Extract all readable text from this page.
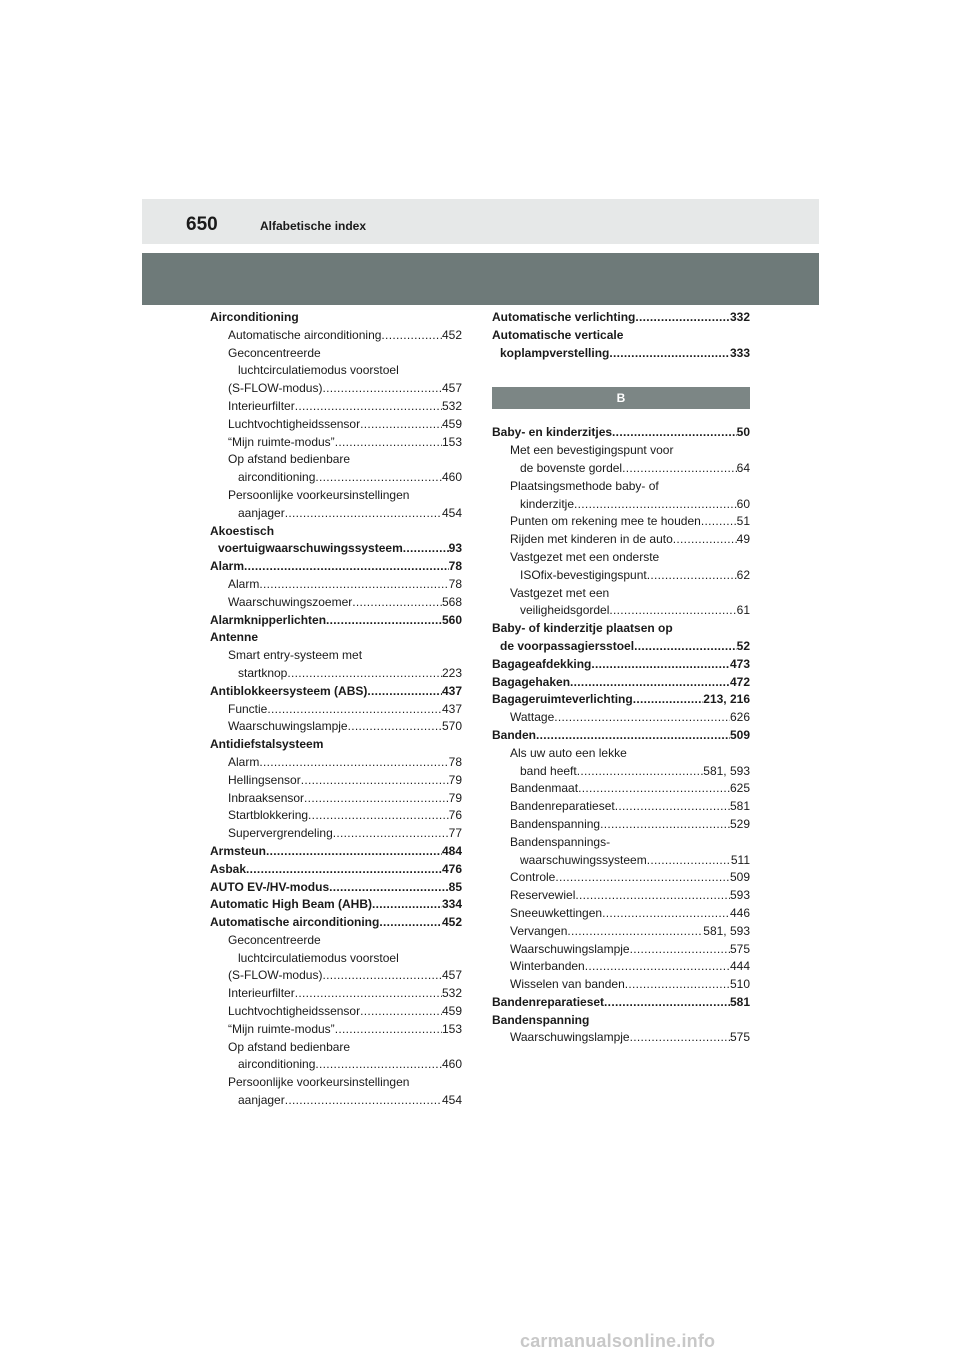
650	Alfabetische index
Airconditioning
Automatische airconditioning .....	452
Geconcentreerde
luchtcirculatiemodus voorstoel
(S-FLOW-modus) .....	457
Interieurfilter .....	532
Luchtvochtigheidssensor .....	459
“Mijn ruimte-modus” .....	153
Op afstand bedienbare
airconditioning .....	460
Persoonlijke voorkeursinstellingen
aanjager .....	454
Akoestisch
voertuigwaarschuwingssysteem .....	93
Alarm .....	78
Alarm .....	78
Waarschuwingszoemer .....	568
Alarmknipperlichten .....	560
Antenne
Smart entry-systeem met
startknop .....	223
Antiblokkeersysteem (ABS) .....	437
Functie .....	437
Waarschuwingslampje .....	570
Antidiefstalsysteem
Alarm .....	78
Hellingsensor .....	79
Inbraaksensor .....	79
Startblokkering .....	76
Supervergrendeling .....	77
Armsteun .....	484
Asbak .....	476
AUTO EV-/HV-modus .....	85
Automatic High Beam (AHB) .....	334
Automatische airconditioning .....	452
Geconcentreerde
luchtcirculatiemodus voorstoel
(S-FLOW-modus) .....	457
Interieurfilter .....	532
Luchtvochtigheidssensor .....	459
“Mijn ruimte-modus” .....	153
Op afstand bedienbare
airconditioning .....	460
Persoonlijke voorkeursinstellingen
aanjager .....	454
Automatische verlichting .....	332
Automatische verticale
koplampverstelling .....	333
B
Baby- en kinderzitjes .....	50
Met een bevestigingspunt voor
de bovenste gordel .....	64
Plaatsingsmethode baby- of
kinderzitje .....	60
Punten om rekening mee te houden .....	51
Rijden met kinderen in de auto .....	49
Vastgezet met een onderste
ISOfix-bevestigingspunt .....	62
Vastgezet met een
veiligheidsgordel .....	61
Baby- of kinderzitje plaatsen op
de voorpassagiersstoel .....	52
Bagageafdekking .....	473
Bagagehaken .....	472
Bagageruimteverlichting .....	213, 216
Wattage .....	626
Banden .....	509
Als uw auto een lekke
band heeft .....	581, 593
Bandenmaat .....	625
Bandenreparatieset .....	581
Bandenspanning .....	529
Bandenspannings-
waarschuwingssysteem .....	511
Controle .....	509
Reservewiel .....	593
Sneeuwkettingen .....	446
Vervangen .....	581, 593
Waarschuwingslampje .....	575
Winterbanden .....	444
Wisselen van banden .....	510
Bandenreparatieset .....	581
Bandenspanning
Waarschuwingslampje .....	575
carmanualsonline.info
